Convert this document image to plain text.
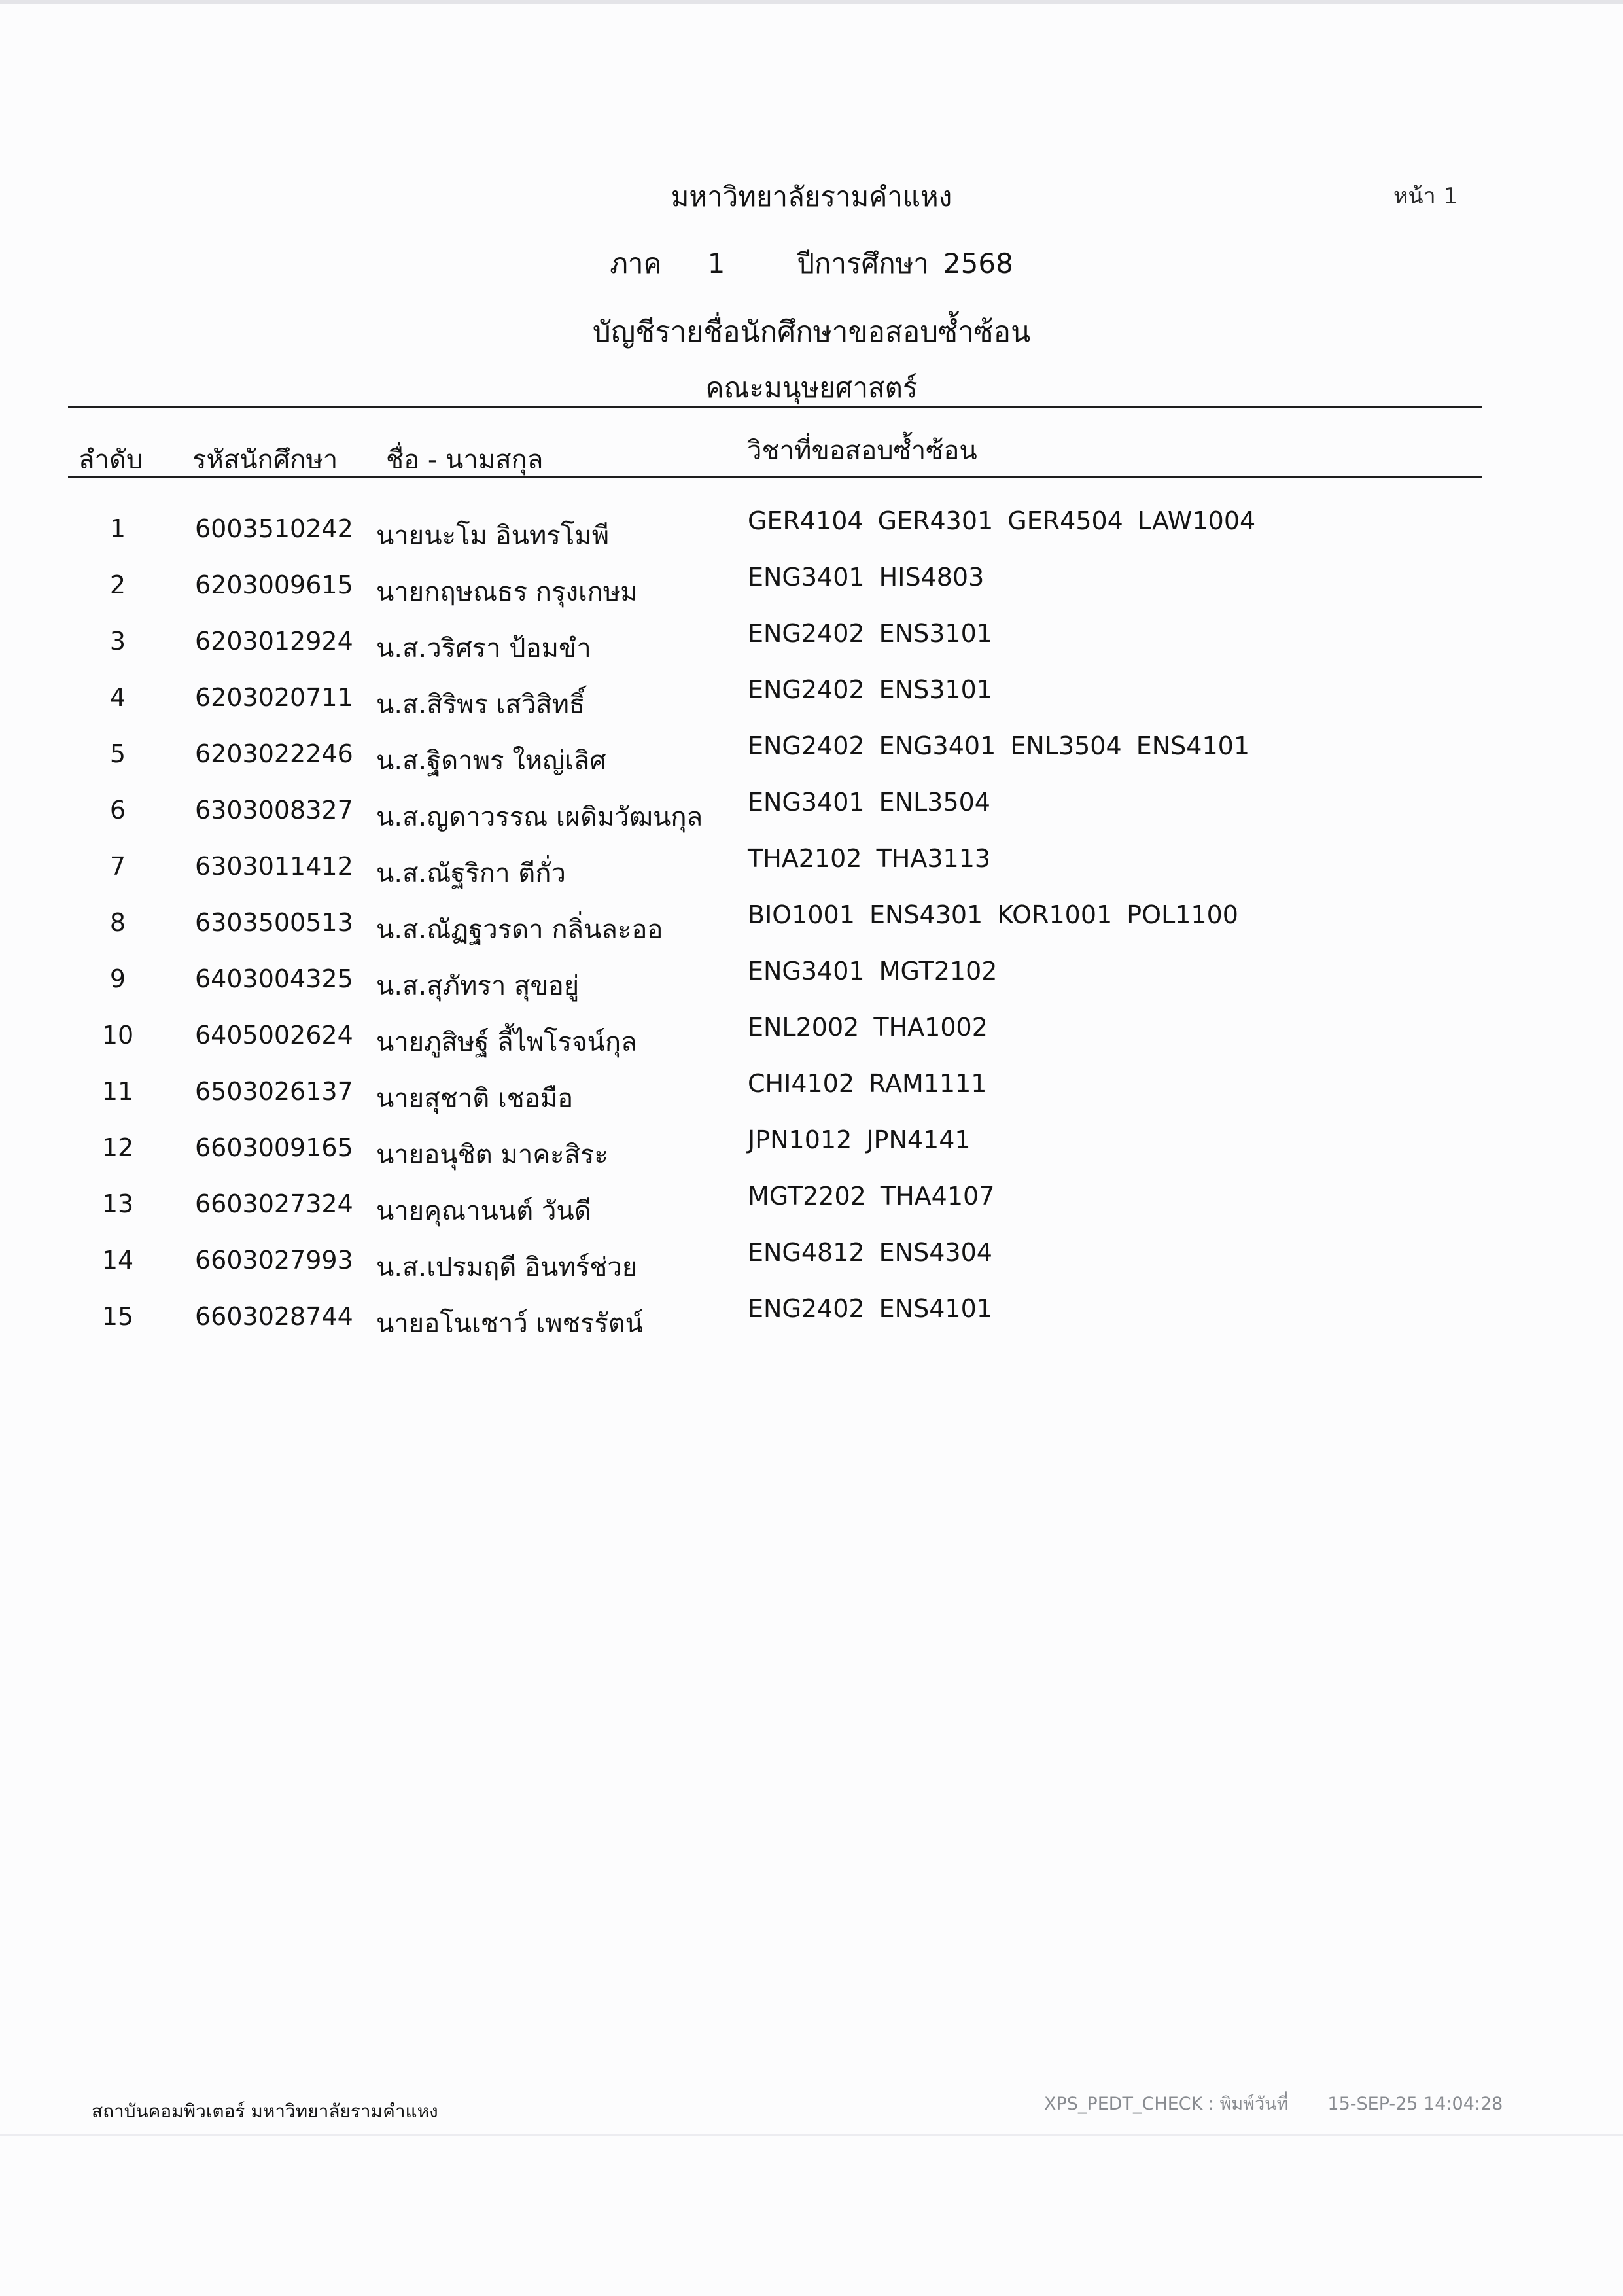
มหาวิทยาลัยรามคำแหง	หน้า 1
ภาค 1	ปีการศึกษา 2568
บัญชีรายชื่อนักศึกษาขอสอบซ้ำซ้อน
คณะมนุษยศาสตร์
ลำดับ รหัสนักศึกษา ชื่อ - นามสกุล	วิชาที่ขอสอบซ้ำซ้อน
1	6003510242 นายนะโม อินทรโมพี	GER4104 GER4301 GER4504 LAW1004
2	6203009615 นายกฤษณธร กรุงเกษม	ENG3401 HIS4803
3	6203012924 น.ส.วริศรา ป้อมขำ	ENG2402 ENS3101
4	6203020711 น.ส.สิริพร เสวิสิทธิ์	ENG2402 ENS3101
5	6203022246 น.ส.ฐิดาพร ใหญ่เลิศ	ENG2402 ENG3401 ENL3504 ENS4101
6	6303008327 น.ส.ญดาวรรณ เผดิมวัฒนกุล ENG3401 ENL3504
7	6303011412 น.ส.ณัฐริกา ตีกั่ว	THA2102 THA3113
8	6303500513 น.ส.ณัฏฐวรดา กลิ่นละออ	BIO1001 ENS4301 KOR1001 POL1100
9	6403004325 น.ส.สุภัทรา สุขอยู่	ENG3401 MGT2102
10 6405002624 นายภูสิษฐ์ ลี้ไพโรจน์กุล	ENL2002 THA1002
11 6503026137 นายสุชาติ เชอมือ	CHI4102 RAM1111
12 6603009165 นายอนุชิต มาคะสิระ	JPN1012 JPN4141
13 6603027324 นายคุณานนต์ วันดี	MGT2202 THA4107
14 6603027993 น.ส.เปรมฤดี อินทร์ช่วย	ENG4812 ENS4304
15 6603028744 นายอโนเชาว์ เพชรรัตน์	ENG2402 ENS4101
สถาบันคอมพิวเตอร์ มหาวิทยาลัยรามคำแหง	XPS_PEDT_CHECK : พิมพ์วันที่ 15-SEP-25 14:04:28
